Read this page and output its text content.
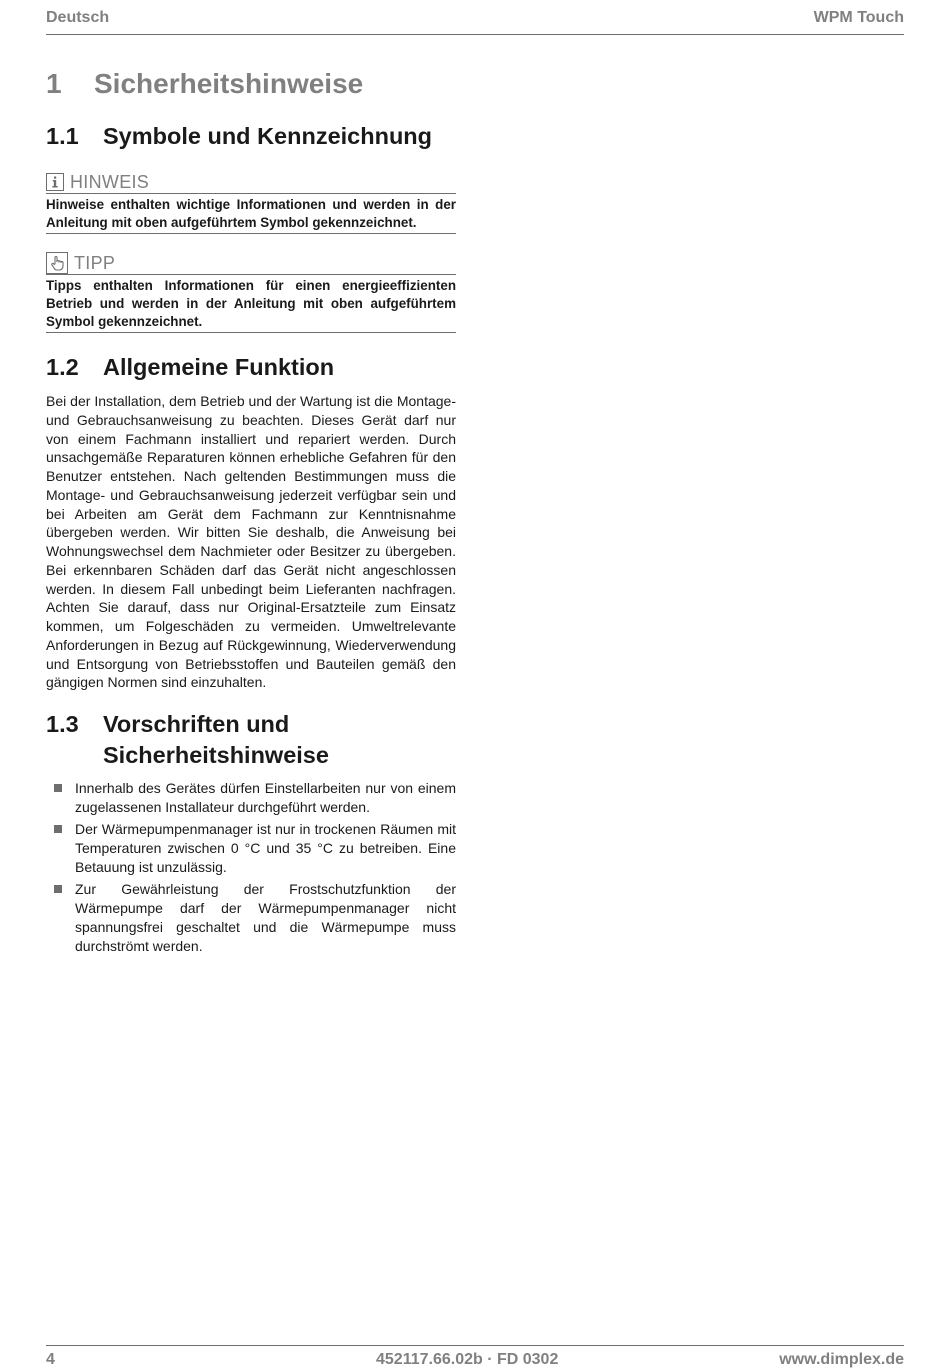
Deutsch	WPM Touch
1	Sicherheitshinweise
1.1	Symbole und Kennzeichnung
HINWEIS
Hinweise enthalten wichtige Informationen und werden in der Anleitung mit oben aufgeführtem Symbol gekennzeichnet.
TIPP
Tipps enthalten Informationen für einen energieeffizienten Betrieb und werden in der Anleitung mit oben aufgeführtem Symbol gekennzeichnet.
1.2	Allgemeine Funktion

Bei der Installation, dem Betrieb und der Wartung ist die Montage- und Gebrauchsanweisung zu beachten. Dieses Gerät darf nur von einem Fachmann installiert und repariert werden. Durch unsachgemäße Reparaturen können erhebliche Gefahren für den Benutzer entstehen. Nach geltenden Bestimmungen muss die Montage- und Gebrauchsanweisung jederzeit verfügbar sein und bei Arbeiten am Gerät dem Fachmann zur Kenntnisnahme übergeben werden. Wir bitten Sie deshalb, die Anweisung bei Wohnungswechsel dem Nachmieter oder Besitzer zu übergeben. Bei erkennbaren Schäden darf das Gerät nicht angeschlossen werden. In diesem Fall unbedingt beim Lieferanten nachfragen. Achten Sie darauf, dass nur Original-Ersatzteile zum Einsatz kommen, um Folgeschäden zu vermeiden. Umweltrelevante Anforderungen in Bezug auf Rückgewinnung, Wiederverwendung und Entsorgung von Betriebsstoffen und Bauteilen gemäß den gängigen Normen sind einzuhalten.

1.3	Vorschriften und
Sicherheitshinweise
Innerhalb des Gerätes dürfen Einstellarbeiten nur von einem zugelassenen Installateur durchgeführt werden.
Der Wärmepumpenmanager ist nur in trockenen Räumen mit Temperaturen zwischen 0 °C und 35 °C zu betreiben. Eine Betauung ist unzulässig.
Zur Gewährleistung der Frostschutzfunktion der Wärmepumpe darf der Wärmepumpenmanager nicht spannungsfrei geschaltet und die Wärmepumpe muss durchströmt werden.
4	452117.66.02b · FD 0302	www.dimplex.de
